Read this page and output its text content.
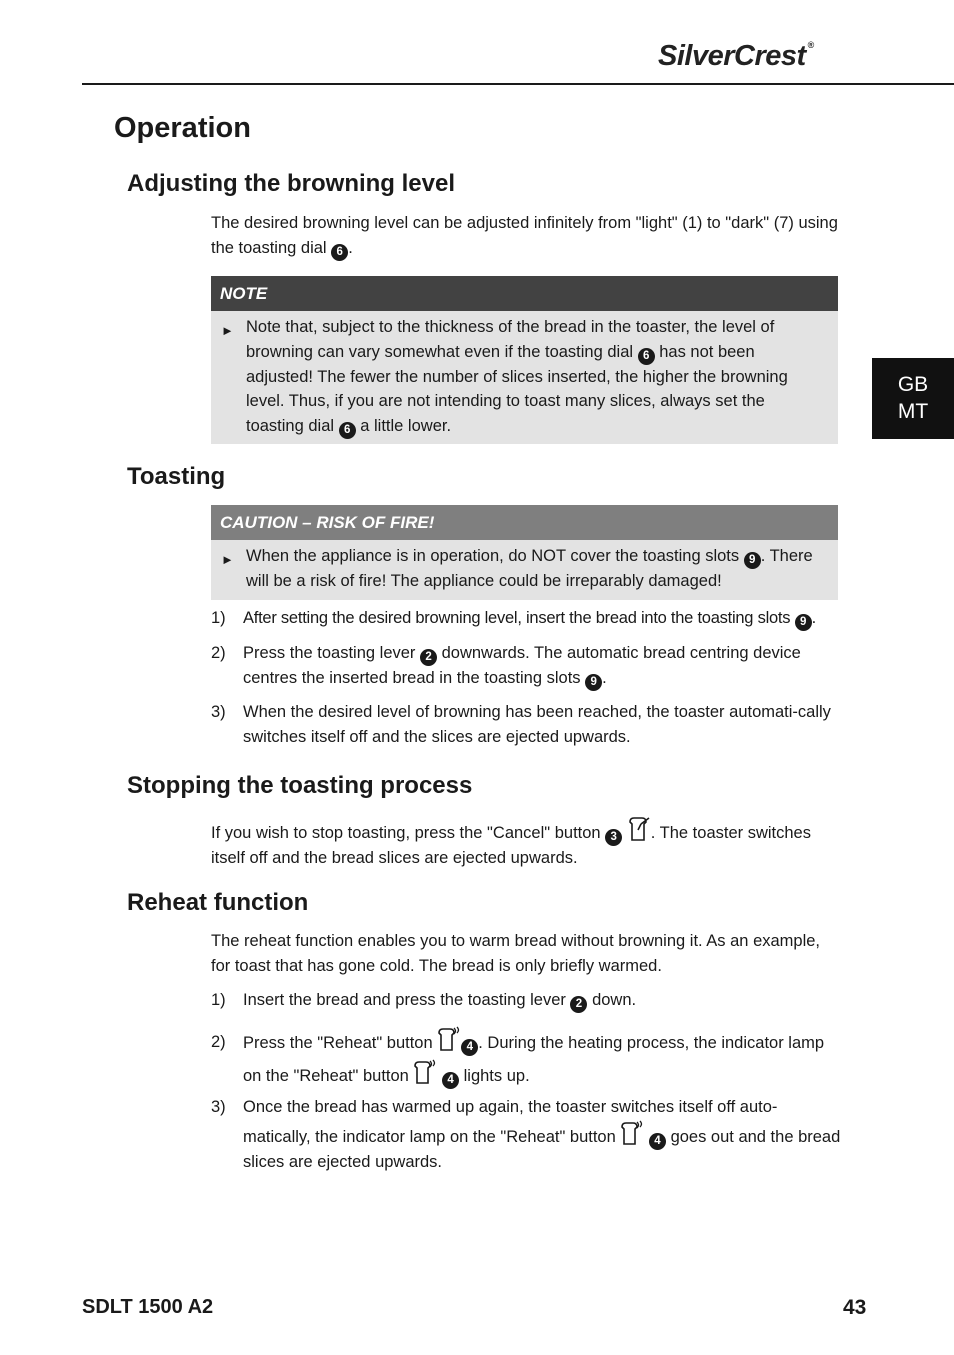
SilverCrest ®
GB
MT
Operation
Adjusting the browning level

The desired browning level can be adjusted infinitely from "light" (1) to "dark" (7) using the toasting dial 6 .

NOTE
► Note that, subject to the thickness of the bread in the toaster, the level of browning can vary somewhat even if the toasting dial 6 has not been adjusted! The fewer the number of slices inserted, the higher the browning level. Thus, if you are not intending to toast many slices, always set the toasting dial 6 a little lower.
Toasting
CAUTION – RISK OF FIRE!
► When the appliance is in operation, do NOT cover the toasting slots 9 . There will be a risk of fire! The appliance could be irreparably damaged!
1) After setting the desired browning level, insert the bread into the toasting slots 9 .
2) Press the toasting lever 2 downwards. The automatic bread centring device centres the inserted bread in the toasting slots 9 .
3) When the desired level of browning has been reached, the toaster automati-cally switches itself off and the slices are ejected upwards.
Stopping the toasting process

If you wish to stop toasting, press the "Cancel" button 3 . The toaster switches itself off and the bread slices are ejected upwards.

Reheat function

The reheat function enables you to warm bread without browning it. As an example, for toast that has gone cold. The bread is only briefly warmed.

1) Insert the bread and press the toasting lever 2 down.
2) Press the "Reheat" button	4 . During the heating process, the indicator lamp on the "Reheat" button	4 lights up.
3) Once the bread has warmed up again, the toaster switches itself off auto-matically, the indicator lamp on the "Reheat" button	4 goes out and the bread slices are ejected upwards.
SDLT 1500 A2	43
